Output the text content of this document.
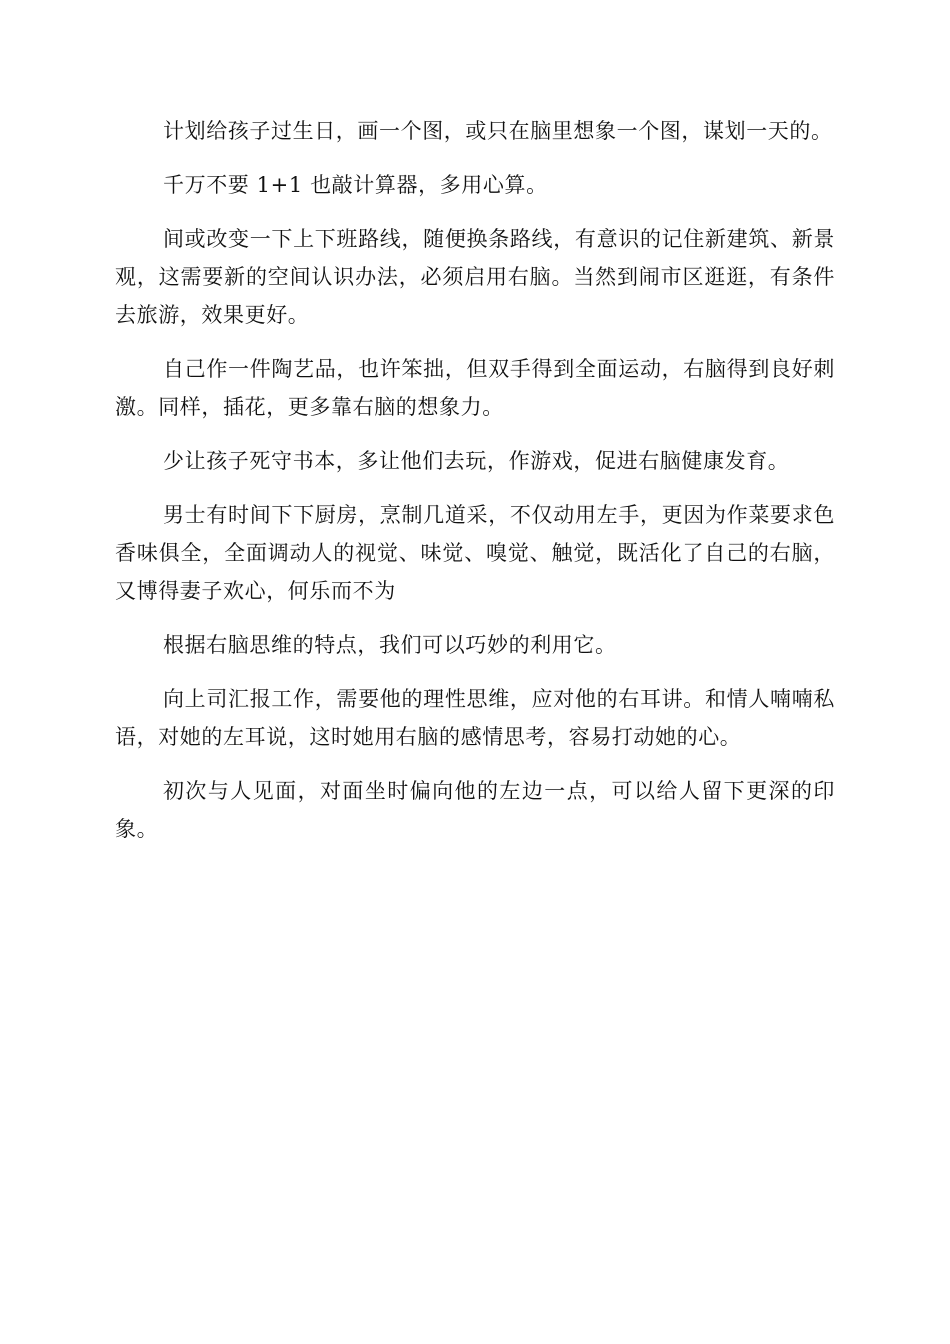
计划给孩子过生日，画一个图，或只在脑里想象一个图，谋划一天的。

千万不要 1+1 也敲计算器，多用心算。

间或改变一下上下班路线，随便换条路线，有意识的记住新建筑、新景观，这需要新的空间认识办法，必须启用右脑。当然到闹市区逛逛，有条件去旅游，效果更好。

自己作一件陶艺品，也许笨拙，但双手得到全面运动，右脑得到良好刺激。同样，插花，更多靠右脑的想象力。

少让孩子死守书本，多让他们去玩，作游戏，促进右脑健康发育。

男士有时间下下厨房，烹制几道采，不仅动用左手，更因为作菜要求色香味俱全，全面调动人的视觉、味觉、嗅觉、触觉，既活化了自己的右脑，又博得妻子欢心，何乐而不为

根据右脑思维的特点，我们可以巧妙的利用它。

向上司汇报工作，需要他的理性思维，应对他的右耳讲。和情人喃喃私语，对她的左耳说，这时她用右脑的感情思考，容易打动她的心。

初次与人见面，对面坐时偏向他的左边一点，可以给人留下更深的印象。
